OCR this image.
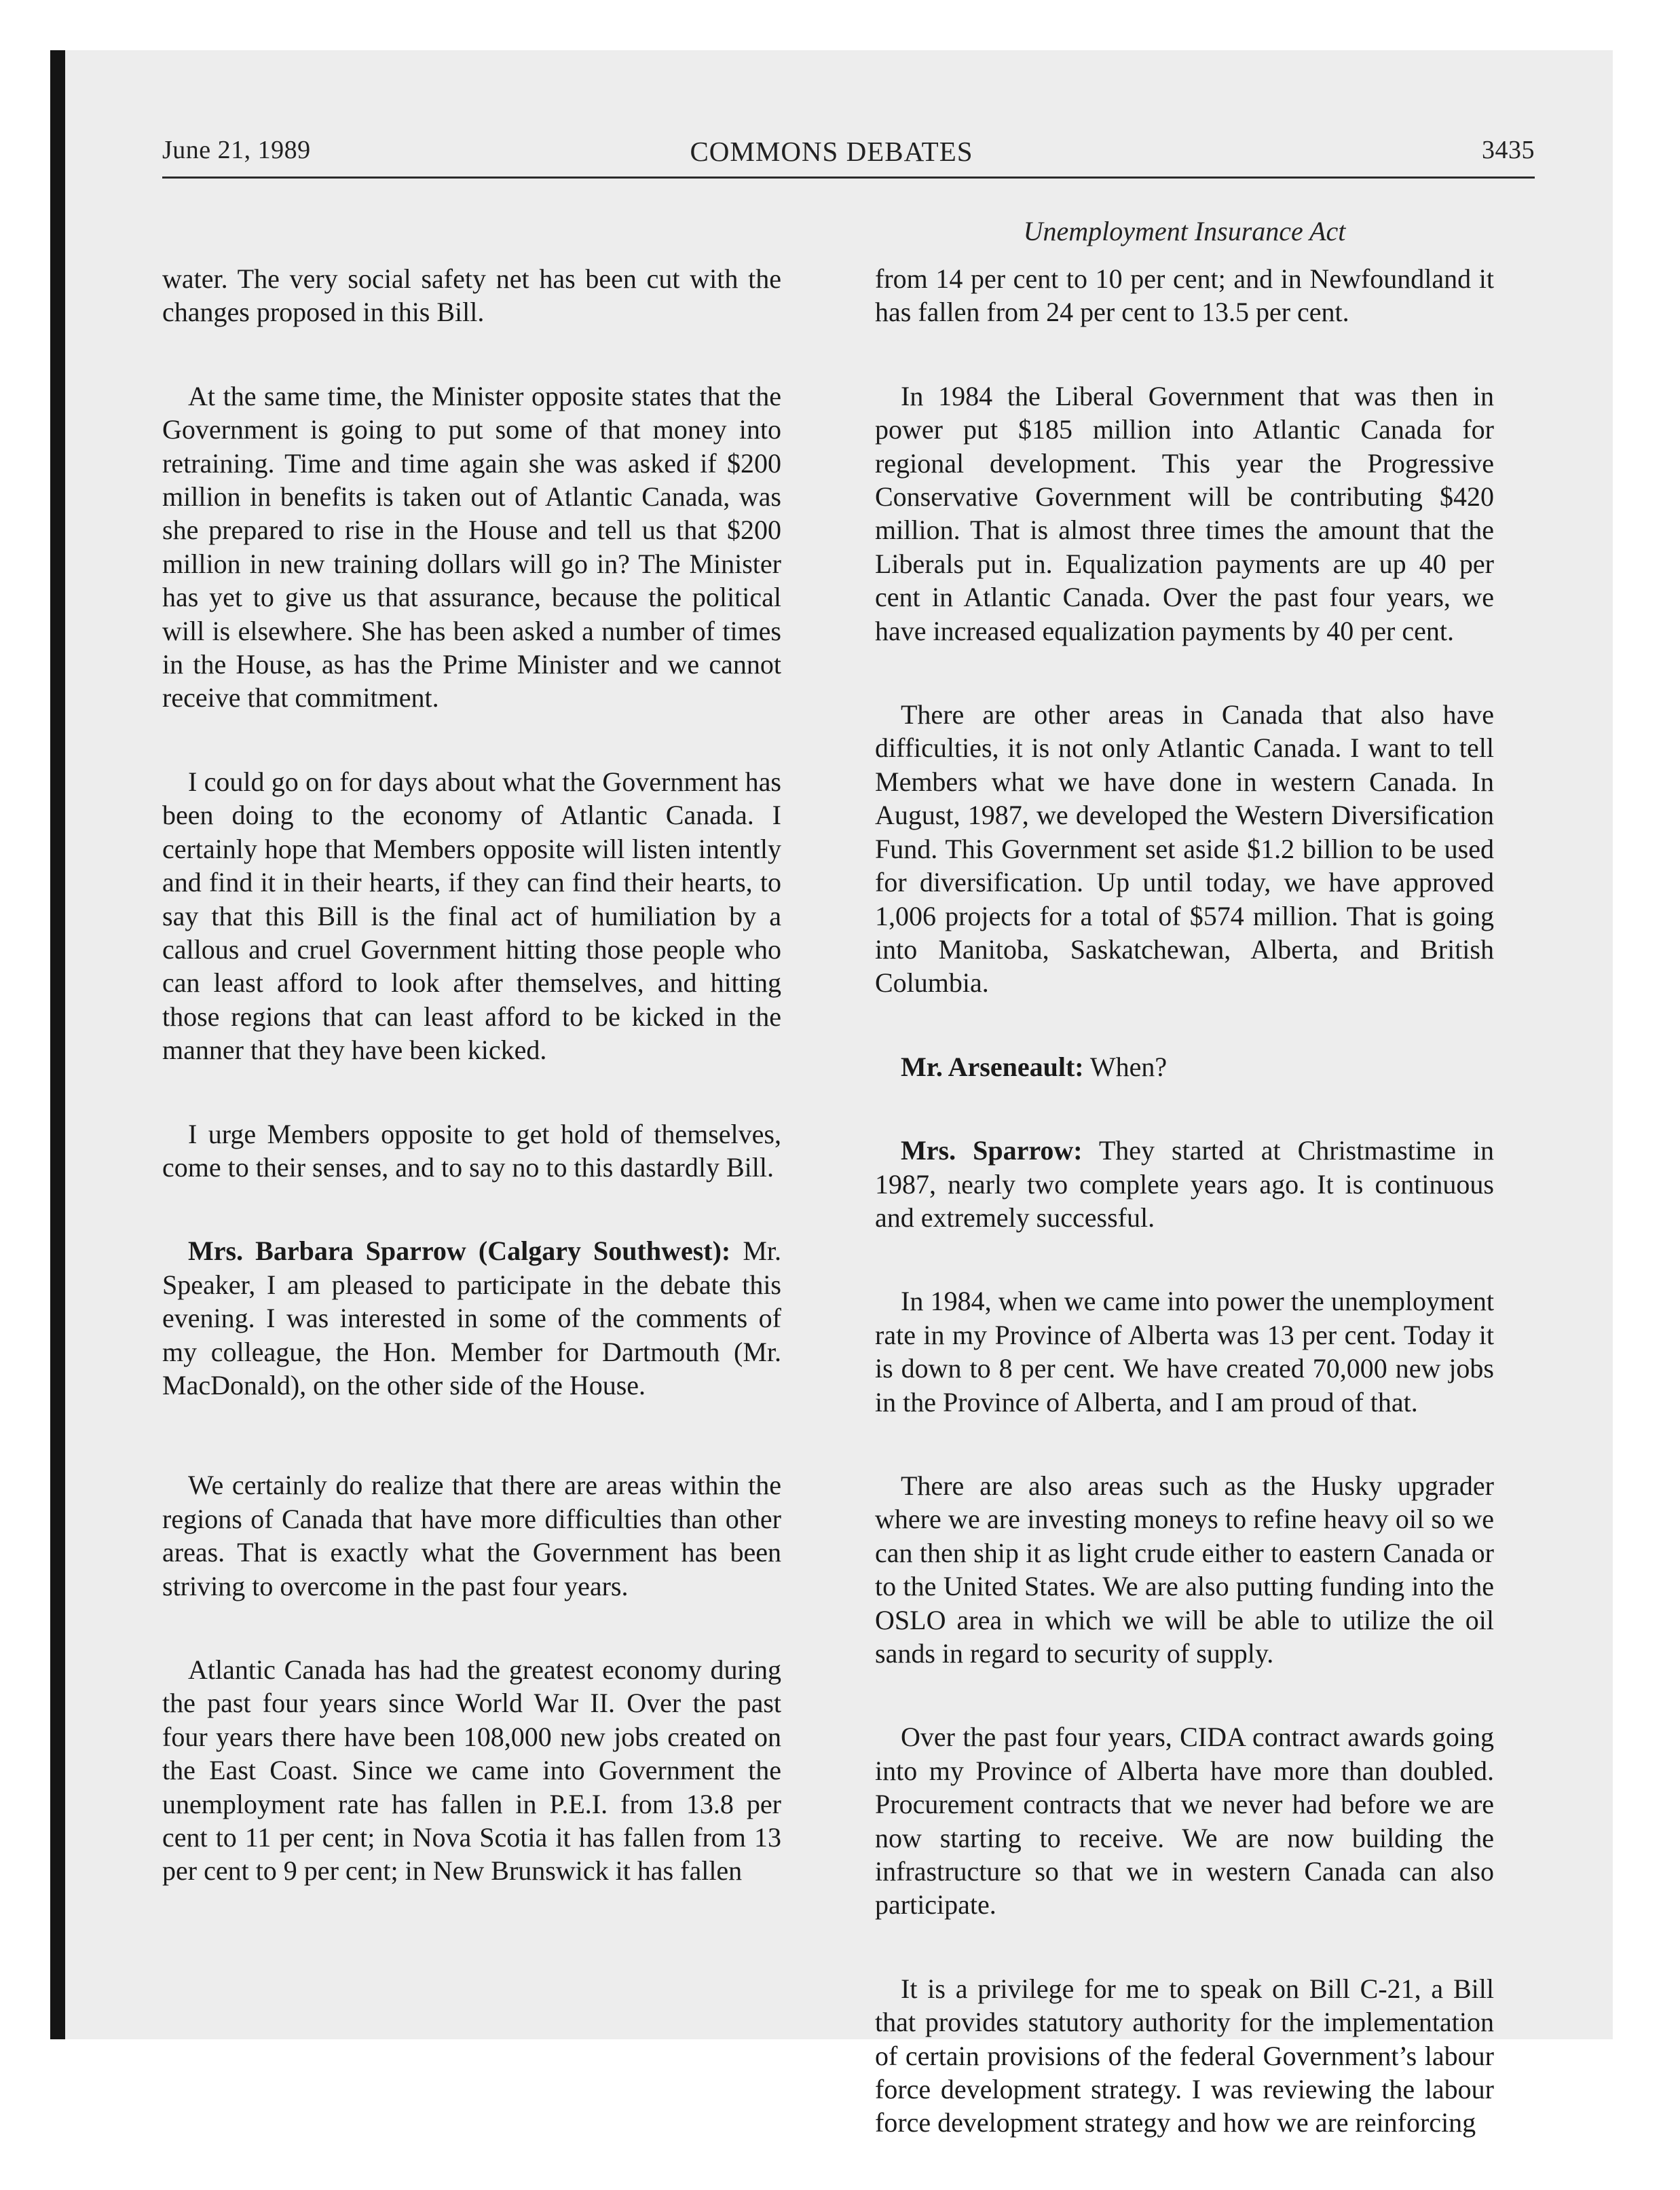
June 21, 1989	COMMONS DEBATES	3435
Unemployment Insurance Act

water. The very social safety net has been cut with the changes proposed in this Bill.

At the same time, the Minister opposite states that the Government is going to put some of that money into retraining. Time and time again she was asked if $200 million in benefits is taken out of Atlantic Canada, was she prepared to rise in the House and tell us that $200 million in new training dollars will go in? The Minister has yet to give us that assurance, because the political will is elsewhere. She has been asked a number of times in the House, as has the Prime Minister and we cannot receive that commitment.

I could go on for days about what the Government has been doing to the economy of Atlantic Canada. I certainly hope that Members opposite will listen intently and find it in their hearts, if they can find their hearts, to say that this Bill is the final act of humiliation by a callous and cruel Government hitting those people who can least afford to look after themselves, and hitting those regions that can least afford to be kicked in the manner that they have been kicked.

I urge Members opposite to get hold of themselves, come to their senses, and to say no to this dastardly Bill.

Mrs. Barbara Sparrow (Calgary Southwest): Mr. Speaker, I am pleased to participate in the debate this evening. I was interested in some of the comments of my colleague, the Hon. Member for Dartmouth (Mr. MacDonald), on the other side of the House.

We certainly do realize that there are areas within the regions of Canada that have more difficulties than other areas. That is exactly what the Government has been striving to overcome in the past four years.

Atlantic Canada has had the greatest economy during the past four years since World War II. Over the past four years there have been 108,000 new jobs created on the East Coast. Since we came into Government the unemployment rate has fallen in P.E.I. from 13.8 per cent to 11 per cent; in Nova Scotia it has fallen from 13 per cent to 9 per cent; in New Brunswick it has fallen

from 14 per cent to 10 per cent; and in Newfoundland it has fallen from 24 per cent to 13.5 per cent.

In 1984 the Liberal Government that was then in power put $185 million into Atlantic Canada for regional development. This year the Progressive Conservative Government will be contributing $420 million. That is almost three times the amount that the Liberals put in. Equalization payments are up 40 per cent in Atlantic Canada. Over the past four years, we have increased equalization payments by 40 per cent.

There are other areas in Canada that also have difficulties, it is not only Atlantic Canada. I want to tell Members what we have done in western Canada. In August, 1987, we developed the Western Diversification Fund. This Government set aside $1.2 billion to be used for diversification. Up until today, we have approved 1,006 projects for a total of $574 million. That is going into Manitoba, Saskatchewan, Alberta, and British Columbia.

Mr. Arseneault: When?

Mrs. Sparrow: They started at Christmastime in 1987, nearly two complete years ago. It is continuous and extremely successful.

In 1984, when we came into power the unemployment rate in my Province of Alberta was 13 per cent. Today it is down to 8 per cent. We have created 70,000 new jobs in the Province of Alberta, and I am proud of that.

There are also areas such as the Husky upgrader where we are investing moneys to refine heavy oil so we can then ship it as light crude either to eastern Canada or to the United States. We are also putting funding into the OSLO area in which we will be able to utilize the oil sands in regard to security of supply.

Over the past four years, CIDA contract awards going into my Province of Alberta have more than doubled. Procurement contracts that we never had before we are now starting to receive. We are now building the infrastructure so that we in western Canada can also participate.

It is a privilege for me to speak on Bill C-21, a Bill that provides statutory authority for the implementation of certain provisions of the federal Government’s labour force development strategy. I was reviewing the labour force development strategy and how we are reinforcing
